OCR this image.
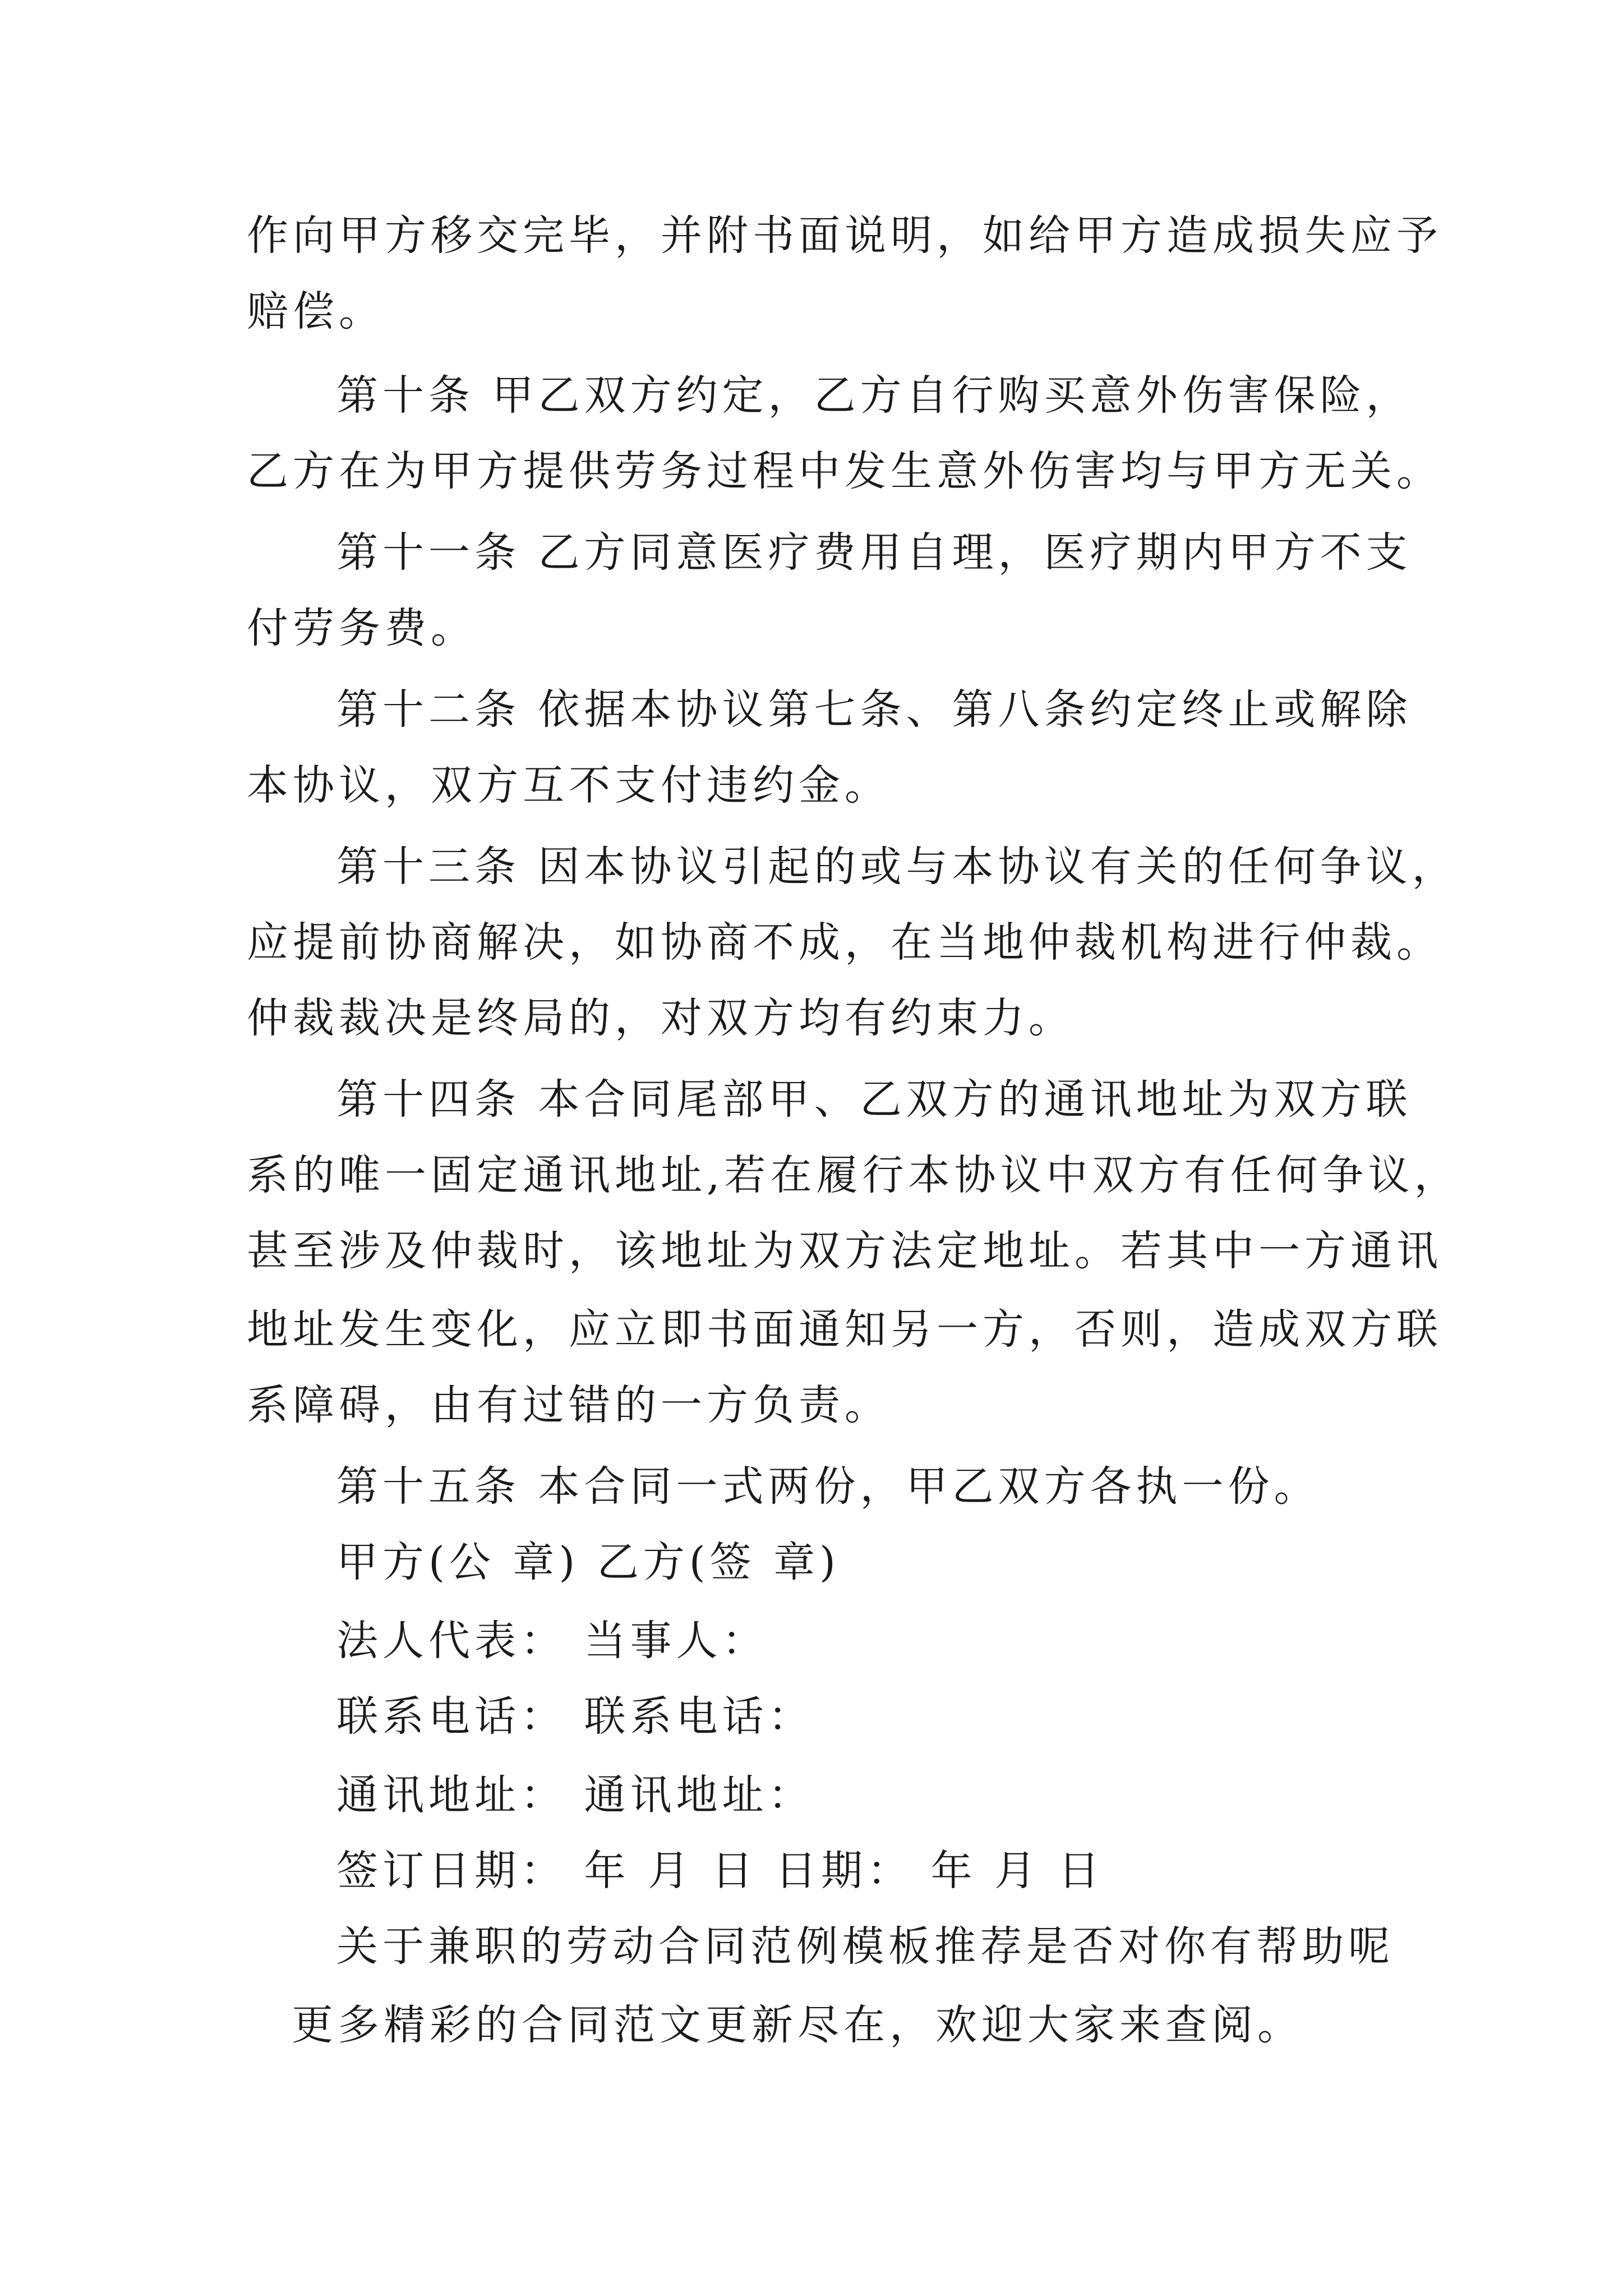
作向甲方移交完毕，并附书面说明，如给甲方造成损失应予
赔偿。
第十条 甲乙双方约定，乙方自行购买意外伤害保险，
乙方在为甲方提供劳务过程中发生意外伤害均与甲方无关。
第十一条 乙方同意医疗费用自理，医疗期内甲方不支
付劳务费。
第十二条 依据本协议第七条、第八条约定终止或解除
本协议，双方互不支付违约金。
第十三条 因本协议引起的或与本协议有关的任何争议，
应提前协商解决，如协商不成，在当地仲裁机构进行仲裁。
仲裁裁决是终局的，对双方均有约束力。
第十四条 本合同尾部甲、乙双方的通讯地址为双方联
系的唯一固定通讯地址,若在履行本协议中双方有任何争议，
甚至涉及仲裁时，该地址为双方法定地址。若其中一方通讯
地址发生变化，应立即书面通知另一方，否则，造成双方联
系障碍，由有过错的一方负责。
第十五条 本合同一式两份，甲乙双方各执一份。
甲方(公 章) 乙方(签 章)
法人代表： 当事人：
联系电话： 联系电话：
通讯地址： 通讯地址：
签订日期： 年 月 日 日期： 年 月 日
关于兼职的劳动合同范例模板推荐是否对你有帮助呢
更多精彩的合同范文更新尽在，欢迎大家来查阅。
